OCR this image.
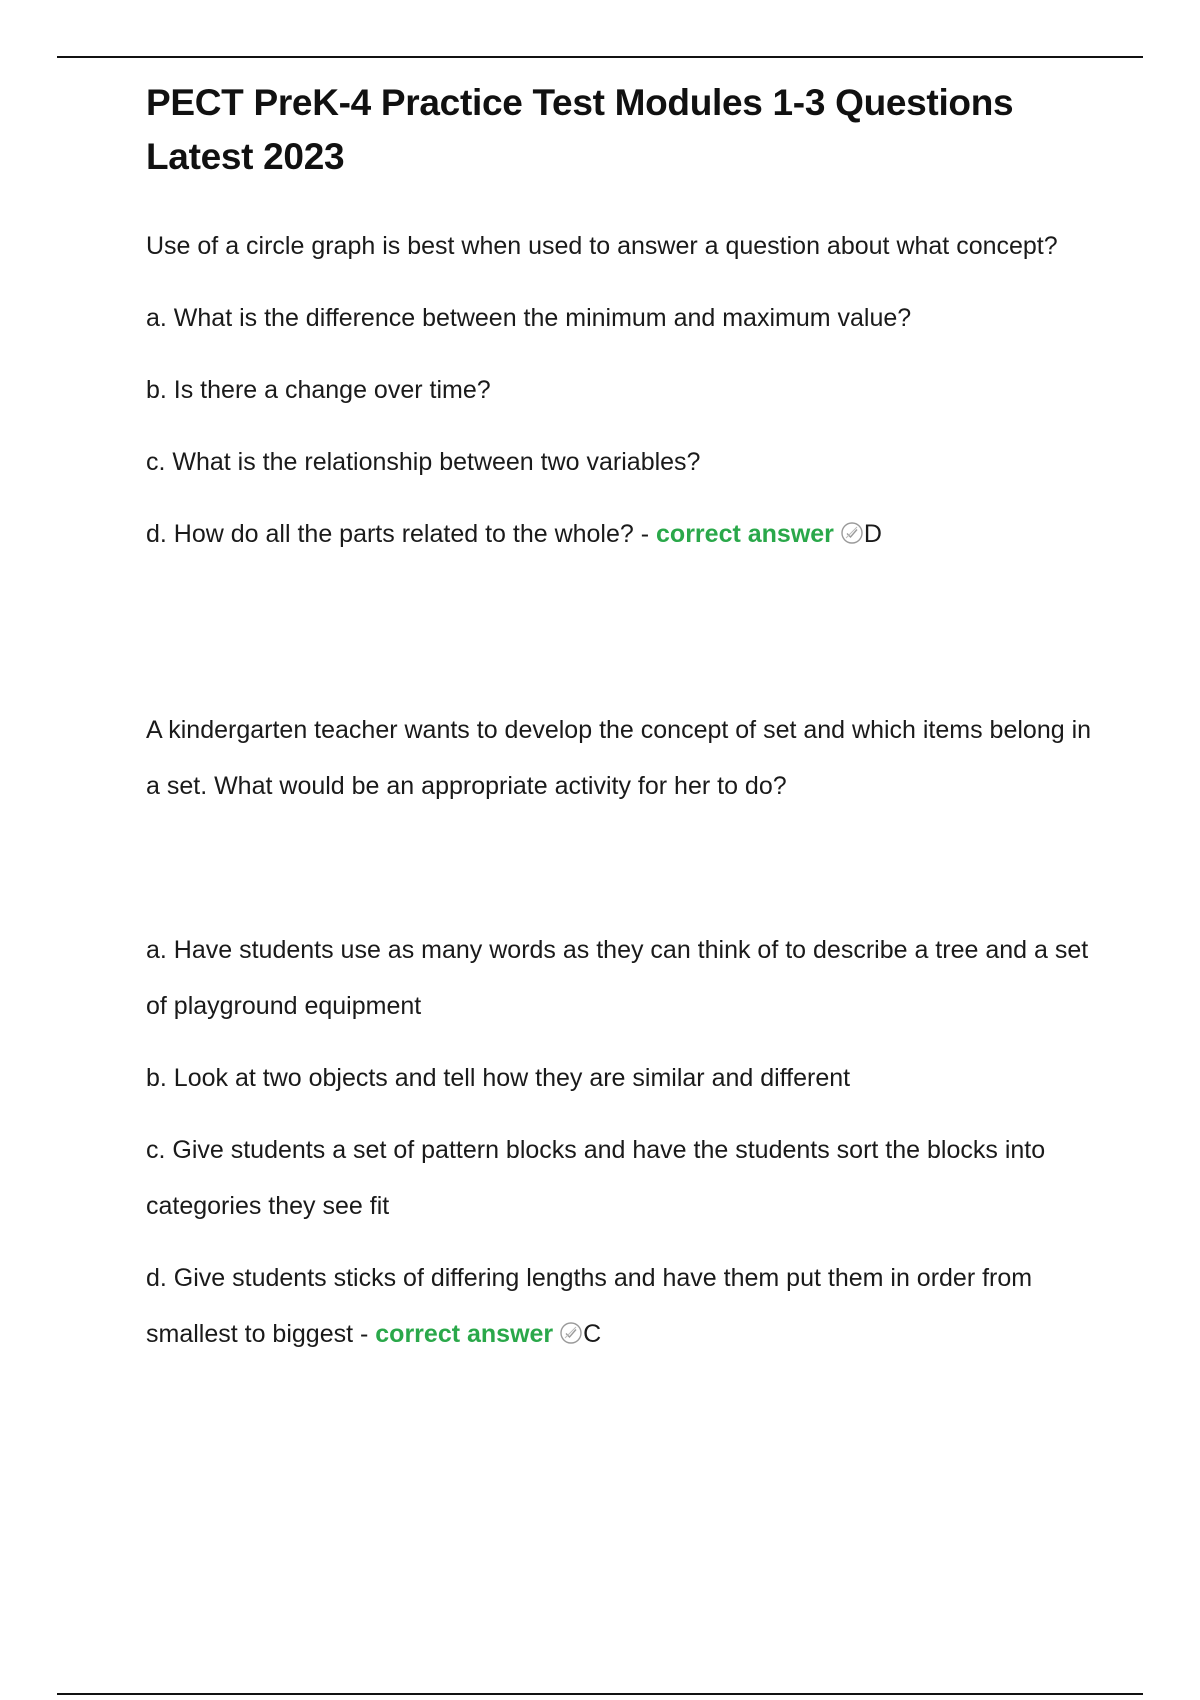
PECT PreK-4 Practice Test Modules 1-3 Questions Latest 2023

Use of a circle graph is best when used to answer a question about what concept?

a. What is the difference between the minimum and maximum value?

b. Is there a change over time?

c. What is the relationship between two variables?

d. How do all the parts related to the whole? - correct answer D

A kindergarten teacher wants to develop the concept of set and which items belong in a set. What would be an appropriate activity for her to do?

a. Have students use as many words as they can think of to describe a tree and a set of playground equipment

b. Look at two objects and tell how they are similar and different

c. Give students a set of pattern blocks and have the students sort the blocks into categories they see fit

d. Give students sticks of differing lengths and have them put them in order from smallest to biggest - correct answer C
